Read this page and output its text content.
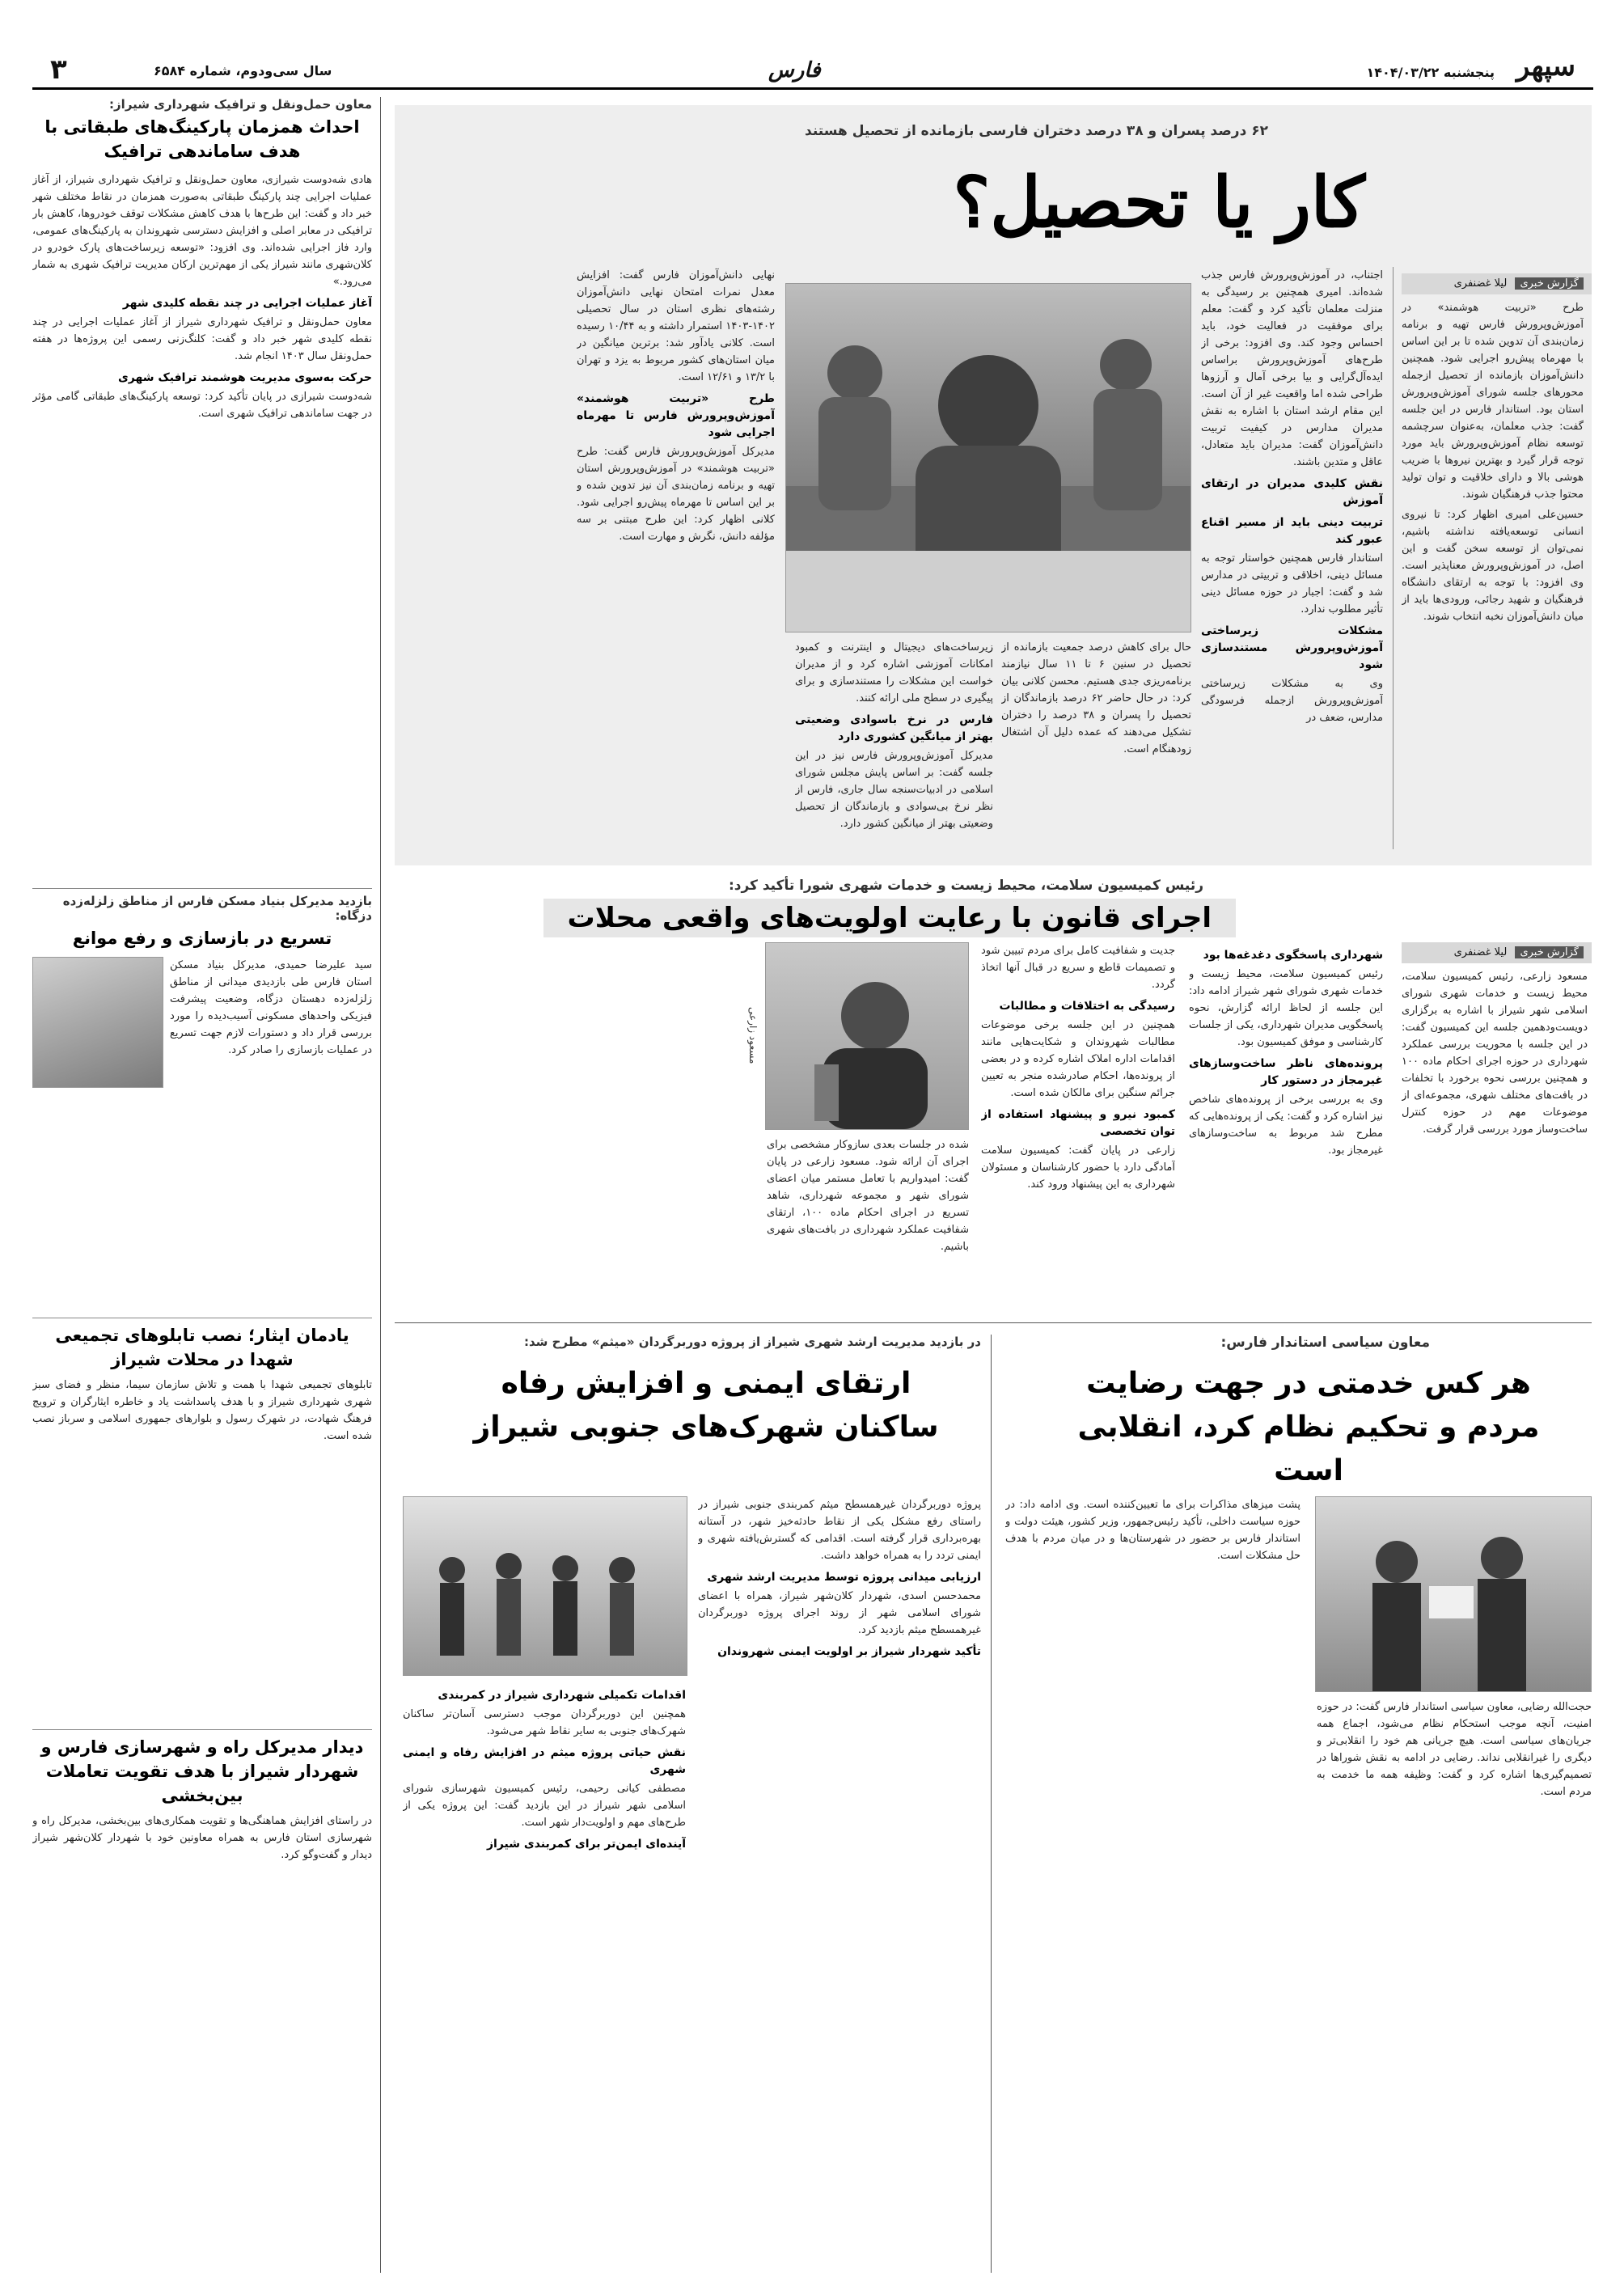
۳	سال سی‌ودوم، شماره ۶۵۸۴	فارس	سپهر
پنجشنبه ۱۴۰۴/۰۳/۲۲
۶۲ درصد پسران و ۳۸ درصد دختران فارسی بازمانده از تحصیل هستند
کار یا تحصیل؟
گزارش خبری لیلا غضنفری

طرح «تربیت هوشمند» در آموزش‌وپرورش فارس تهیه و برنامه زمان‌بندی آن تدوین شده تا بر این اساس با مهرماه پیش‌رو اجرایی شود. همچنین دانش‌آموزان بازمانده از تحصیل ازجمله محورهای جلسه شورای آموزش‌وپرورش استان بود. استاندار فارس در این جلسه گفت: جذب معلمان، به‌عنوان سرچشمه توسعه نظام آموزش‌وپرورش باید مورد توجه قرار گیرد و بهترین نیروها با ضریب هوشی بالا و دارای خلاقیت و توان تولید محتوا جذب فرهنگیان شوند.

حسین‌علی امیری اظهار کرد: تا نیروی انسانی توسعه‌یافته نداشته باشیم، نمی‌توان از توسعه سخن گفت و این اصل، در آموزش‌وپرورش معناپذیر است. وی افزود: با توجه به ارتقای دانشگاه فرهنگیان و شهید رجائی، ورودی‌ها باید از میان دانش‌آموزان نخبه انتخاب شوند.

اجتناب، در آموزش‌وپرورش فارس جذب شده‌اند. امیری همچنین بر رسیدگی به منزلت معلمان تأکید کرد و گفت: معلم برای موفقیت در فعالیت خود، باید احساس وجود کند. وی افزود: برخی از طرح‌های آموزش‌وپرورش براساس ایده‌آل‌گرایی و بیا برخی آمال و آرزوها طراحی شده اما واقعیت غیر از آن است. این مقام ارشد استان با اشاره به نقش مدیران مدارس در کیفیت تربیت دانش‌آموزان گفت: مدیران باید متعادل، عاقل و متدین باشند.

نقش کلیدی مدیران در ارتقای آموزش
تربیت دینی باید از مسیر اقناع عبور کند

استاندار فارس همچنین خواستار توجه به مسائل دینی، اخلاقی و تربیتی در مدارس شد و گفت: اجبار در حوزه مسائل دینی تأثیر مطلوب ندارد.

مشکلات زیرساختی آموزش‌وپرورش مستندسازی شود

وی به مشکلات زیرساختی آموزش‌وپرورش ازجمله فرسودگی مدارس، ضعف در

زیرساخت‌های دیجیتال و اینترنت و کمبود امکانات آموزشی اشاره کرد و از مدیران خواست این مشکلات را مستندسازی و برای پیگیری در سطح ملی ارائه کنند.

فارس در نرخ باسوادی وضعیتی بهتر از میانگین کشوری دارد

مدیرکل آموزش‌وپرورش فارس نیز در این جلسه گفت: بر اساس پایش مجلس شورای اسلامی در ادبیات‌سنجه سال جاری، فارس از نظر نرخ بی‌سوادی و بازماندگان از تحصیل وضعیتی بهتر از میانگین کشور دارد.

حال برای کاهش درصد جمعیت بازمانده از تحصیل در سنین ۶ تا ۱۱ سال نیازمند برنامه‌ریزی جدی هستیم. محسن کلانی بیان کرد: در حال حاضر ۶۲ درصد بازماندگان از تحصیل را پسران و ۳۸ درصد را دختران تشکیل می‌دهند که عمده دلیل آن اشتغال زودهنگام است.

نهایی دانش‌آموزان فارس گفت: افزایش معدل نمرات امتحان نهایی دانش‌آموزان رشته‌های نظری استان در سال تحصیلی ۱۴۰۲-۱۴۰۳ استمرار داشته و به ۱۰/۴۴ رسیده است. کلانی یادآور شد: برترین میانگین در میان استان‌های کشور مربوط به یزد و تهران با ۱۳/۲ و ۱۲/۶۱ است.

طرح «تربیت هوشمند» آموزش‌وپرورش فارس تا مهرماه اجرایی شود

مدیرکل آموزش‌وپرورش فارس گفت: طرح «تربیت هوشمند» در آموزش‌وپرورش استان تهیه و برنامه زمان‌بندی آن نیز تدوین شده و بر این اساس تا مهرماه پیش‌رو اجرایی شود. کلانی اظهار کرد: این طرح مبتنی بر سه مؤلفه دانش، نگرش و مهارت است.

معاون حمل‌ونقل و ترافیک شهرداری شیراز:
احداث همزمان پارکینگ‌های طبقاتی با هدف ساماندهی ترافیک

هادی شه‌دوست شیرازی، معاون حمل‌ونقل و ترافیک شهرداری شیراز، از آغاز عملیات اجرایی چند پارکینگ طبقاتی به‌صورت همزمان در نقاط مختلف شهر خبر داد و گفت: این طرح‌ها با هدف کاهش مشکلات توقف خودروها، کاهش بار ترافیکی در معابر اصلی و افزایش دسترسی شهروندان به پارکینگ‌های عمومی، وارد فاز اجرایی شده‌اند. وی افزود: «توسعه زیرساخت‌های پارک خودرو در کلان‌شهری مانند شیراز یکی از مهم‌ترین ارکان مدیریت ترافیک شهری به شمار می‌رود.»

آغاز عملیات اجرایی در چند نقطه کلیدی شهر

معاون حمل‌ونقل و ترافیک شهرداری شیراز از آغاز عملیات اجرایی در چند نقطه کلیدی شهر خبر داد و گفت: کلنگ‌زنی رسمی این پروژه‌ها در هفته حمل‌ونقل سال ۱۴۰۳ انجام شد.

حرکت به‌سوی مدیریت هوشمند ترافیک شهری

شه‌دوست شیرازی در پایان تأکید کرد: توسعه پارکینگ‌های طبقاتی گامی مؤثر در جهت ساماندهی ترافیک شهری است.

بازدید مدیرکل بنیاد مسکن فارس از مناطق زلزله‌زده دزگاه:
تسریع در بازسازی و رفع موانع

سید علیرضا حمیدی، مدیرکل بنیاد مسکن استان فارس طی بازدیدی میدانی از مناطق زلزله‌زده دهستان دزگاه، وضعیت پیشرفت فیزیکی واحدهای مسکونی آسیب‌دیده را مورد بررسی قرار داد و دستورات لازم جهت تسریع در عملیات بازسازی را صادر کرد.

یادمان ایثار؛ نصب تابلوهای تجمیعی شهدا در محلات شیراز

تابلوهای تجمیعی شهدا با همت و تلاش سازمان سیما، منظر و فضای سبز شهری شهرداری شیراز و با هدف پاسداشت یاد و خاطره ایثارگران و ترویج فرهنگ شهادت، در شهرک رسول و بلوارهای جمهوری اسلامی و سرباز نصب شده است.

دیدار مدیرکل راه و شهرسازی فارس و شهردار شیراز با هدف تقویت تعاملات بین‌بخشی

در راستای افزایش هماهنگی‌ها و تقویت همکاری‌های بین‌بخشی، مدیرکل راه و شهرسازی استان فارس به همراه معاونین خود با شهردار کلان‌شهر شیراز دیدار و گفت‌وگو کرد.

رئیس کمیسیون سلامت، محیط زیست و خدمات شهری شورا تأکید کرد:
اجرای قانون با رعایت اولویت‌های واقعی محلات
گزارش خبری لیلا غضنفری

مسعود زارعی، رئیس کمیسیون سلامت، محیط زیست و خدمات شهری شورای اسلامی شهر شیراز با اشاره به برگزاری دویست‌ودهمین جلسه این کمیسیون گفت: در این جلسه با محوریت بررسی عملکرد شهرداری در حوزه اجرای احکام ماده ۱۰۰ و همچنین بررسی نحوه برخورد با تخلفات در بافت‌های مختلف شهری، مجموعه‌ای از موضوعات مهم در حوزه کنترل ساخت‌وساز مورد بررسی قرار گرفت.

شهرداری پاسخگوی دغدغه‌ها بود

رئیس کمیسیون سلامت، محیط زیست و خدمات شهری شورای شهر شیراز ادامه داد: این جلسه از لحاظ ارائه گزارش، نحوه پاسخگویی مدیران شهرداری، یکی از جلسات کارشناسی و موفق کمیسیون بود.

پرونده‌های ناظر ساخت‌وسازهای غیرمجاز در دستور کار

وی به بررسی برخی از پرونده‌های شاخص نیز اشاره کرد و گفت: یکی از پرونده‌هایی که مطرح شد مربوط به ساخت‌وسازهای غیرمجاز بود.

جدیت و شفافیت کامل برای مردم تبیین شود و تصمیمات قاطع و سریع در قبال آنها اتخاذ گردد.

رسیدگی به اختلافات و مطالبات

همچنین در این جلسه برخی موضوعات مطالبات شهروندان و شکایت‌هایی مانند اقدامات اداره املاک اشاره کرده و در بعضی از پرونده‌ها، احکام صادرشده منجر به تعیین جرائم سنگین برای مالکان شده است.

کمبود نیرو و پیشنهاد استفاده از توان تخصصی

زارعی در پایان گفت: کمیسیون سلامت آمادگی دارد با حضور کارشناسان و مسئولان شهرداری به این پیشنهاد ورود کند.

شده در جلسات بعدی سازوکار مشخصی برای اجرای آن ارائه شود. مسعود زارعی در پایان گفت: امیدواریم با تعامل مستمر میان اعضای شورای شهر و مجموعه شهرداری، شاهد تسریع در اجرای احکام ماده ۱۰۰، ارتقای شفافیت عملکرد شهرداری در بافت‌های شهری باشیم.

مسعود زارعی
معاون سیاسی استاندار فارس:
هر کس خدمتی در جهت رضایت مردم و تحکیم نظام کرد، انقلابی است

پشت میزهای مذاکرات برای ما تعیین‌کننده است. وی ادامه داد: در حوزه سیاست داخلی، تأکید رئیس‌جمهور، وزیر کشور، هیئت دولت و استاندار فارس بر حضور در شهرستان‌ها و در میان مردم با هدف حل مشکلات است.

حجت‌الله رضایی، معاون سیاسی استاندار فارس گفت: در حوزه امنیت، آنچه موجب استحکام نظام می‌شود، اجماع همه جریان‌های سیاسی است. هیچ جریانی هم خود را انقلابی‌تر و دیگری را غیرانقلابی نداند. رضایی در ادامه به نقش شوراها در تصمیم‌گیری‌ها اشاره کرد و گفت: وظیفه همه ما خدمت به مردم است.

در بازدید مدیریت ارشد شهری شیراز از پروژه دوربرگردان «میثم» مطرح شد:
ارتقای ایمنی و افزایش رفاه ساکنان شهرک‌های جنوبی شیراز

پروژه دوربرگردان غیرهمسطح میثم کمربندی جنوبی شیراز در راستای رفع مشکل یکی از نقاط حادثه‌خیز شهر، در آستانه بهره‌برداری قرار گرفته است. اقدامی که گسترش‌یافته شهری و ایمنی تردد را به همراه خواهد داشت.

ارزیابی میدانی پروژه توسط مدیریت ارشد شهری

محمدحسن اسدی، شهردار کلان‌شهر شیراز، همراه با اعضای شورای اسلامی شهر از روند اجرای پروژه دوربرگردان غیرهمسطح میثم بازدید کرد.

تأکید شهردار شیراز بر اولویت ایمنی شهروندان
اقدامات تکمیلی شهرداری شیراز در کمربندی

همچنین این دوربرگردان موجب دسترسی آسان‌تر ساکنان شهرک‌های جنوبی به سایر نقاط شهر می‌شود.

نقش حیاتی پروژه میثم در افزایش رفاه و ایمنی شهری

مصطفی کیانی رحیمی، رئیس کمیسیون شهرسازی شورای اسلامی شهر شیراز در این بازدید گفت: این پروژه یکی از طرح‌های مهم و اولویت‌دار شهر است.

آینده‌ای ایمن‌تر برای کمربندی شیراز
